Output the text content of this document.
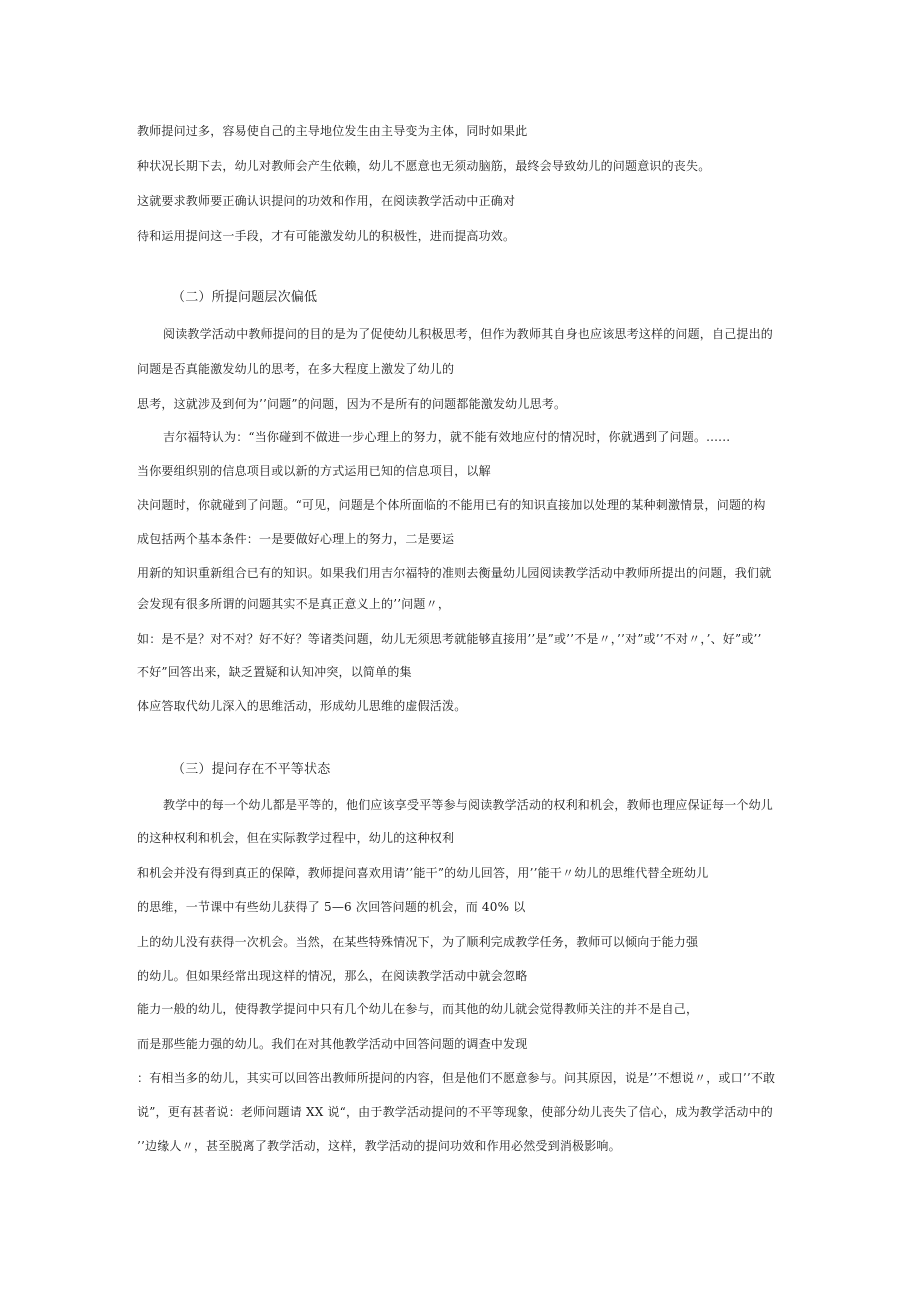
教师提问过多，容易使自己的主导地位发生由主导变为主体，同时如果此
种状况长期下去，幼儿对教师会产生依赖，幼儿不愿意也无须动脑筋，最终会导致幼儿的问题意识的丧失。
这就要求教师要正确认识提问的功效和作用，在阅读教学活动中正确对
待和运用提问这一手段，才有可能激发幼儿的积极性，进而提高功效。
（二）所提问题层次偏低
阅读教学活动中教师提问的目的是为了促使幼儿积极思考，但作为教师其自身也应该思考这样的问题，自己提出的
问题是否真能激发幼儿的思考，在多大程度上激发了幼儿的
思考，这就涉及到何为’’问题”的问题，因为不是所有的问题都能激发幼儿思考。
吉尔福特认为：“当你碰到不做进一步心理上的努力，就不能有效地应付的情况时，你就遇到了问题。......
当你要组织别的信息项目或以新的方式运用已知的信息项目，以解
决问题时，你就碰到了问题。“可见，问题是个体所面临的不能用已有的知识直接加以处理的某种刺激情景，问题的构
成包括两个基本条件：一是要做好心理上的努力，二是要运
用新的知识重新组合已有的知识。如果我们用吉尔福特的准则去衡量幼儿园阅读教学活动中教师所提出的问题，我们就
会发现有很多所谓的问题其实不是真正意义上的’’问题〃，
如：是不是？对不对？好不好？等诸类问题，幼儿无须思考就能够直接用’’是”或’’不是〃，’’对”或’’不对〃，’、好”或’’
不好”回答出来，缺乏置疑和认知冲突，以简单的集
体应答取代幼儿深入的思维活动，形成幼儿思维的虚假活泼。
（三）提问存在不平等状态
教学中的每一个幼儿都是平等的，他们应该享受平等参与阅读教学活动的权利和机会，教师也理应保证每一个幼儿
的这种权利和机会，但在实际教学过程中，幼儿的这种权利
和机会并没有得到真正的保障，教师提问喜欢用请’’能干”的幼儿回答，用’’能干〃幼儿的思维代替全班幼儿
的思维，一节课中有些幼儿获得了 5—6 次回答问题的机会，而 40% 以
上的幼儿没有获得一次机会。当然，在某些特殊情况下，为了顺利完成教学任务，教师可以倾向于能力强
的幼儿。但如果经常出现这样的情况，那么，在阅读教学活动中就会忽略
能力一般的幼儿，使得教学提问中只有几个幼儿在参与，而其他的幼儿就会觉得教师关注的并不是自己，
而是那些能力强的幼儿。我们在对其他教学活动中回答问题的调查中发现
：有相当多的幼儿，其实可以回答出教师所提问的内容，但是他们不愿意参与。问其原因，说是’’不想说〃，或口’’不敢
说”，更有甚者说：老师问题请 XX 说“，由于教学活动提问的不平等现象，使部分幼儿丧失了信心，成为教学活动中的
’’边缘人〃，甚至脱离了教学活动，这样，教学活动的提问功效和作用必然受到消极影响。
